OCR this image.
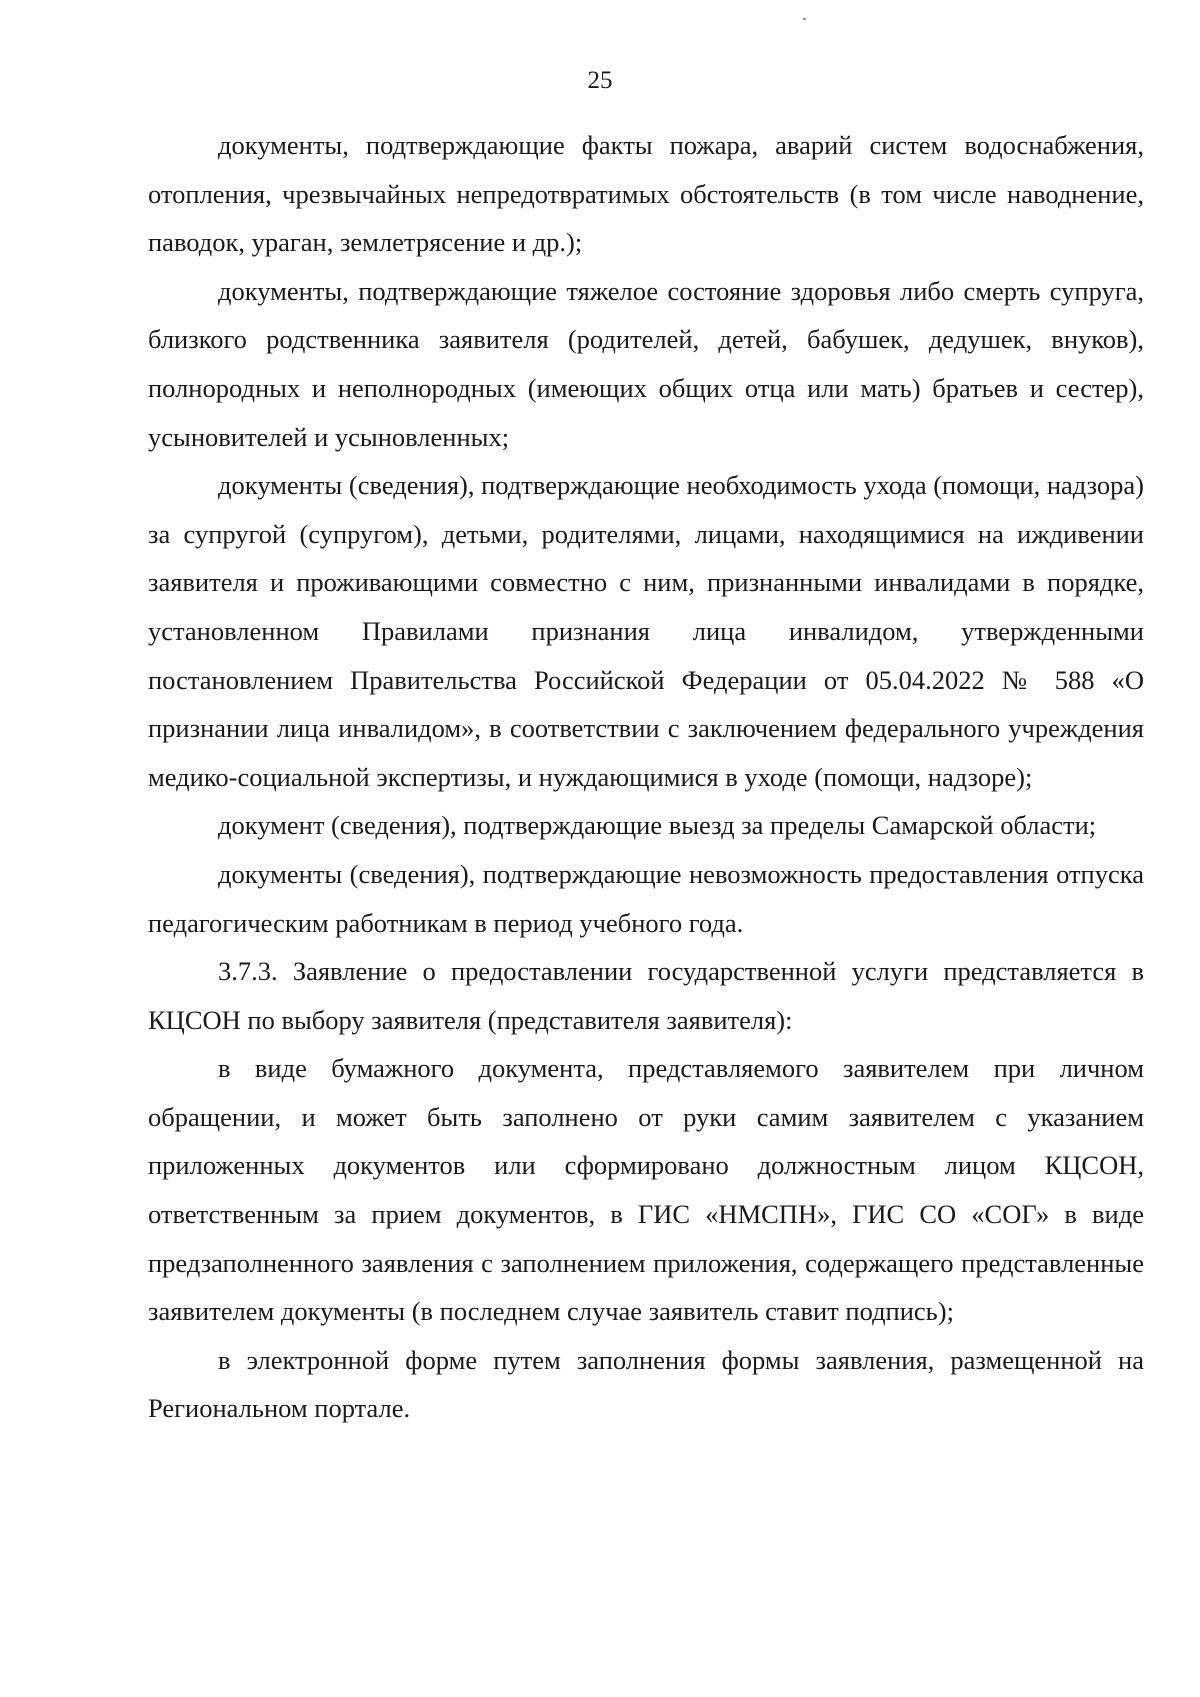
25

документы, подтверждающие факты пожара, аварий систем водоснабжения, отопления, чрезвычайных непредотвратимых обстоятельств (в том числе наводнение, паводок, ураган, землетрясение и др.);

документы, подтверждающие тяжелое состояние здоровья либо смерть супруга, близкого родственника заявителя (родителей, детей, бабушек, дедушек, внуков), полнородных и неполнородных (имеющих общих отца или мать) братьев и сестер), усыновителей и усыновленных;

документы (сведения), подтверждающие необходимость ухода (помощи, надзора) за супругой (супругом), детьми, родителями, лицами, находящимися на иждивении заявителя и проживающими совместно с ним, признанными инвалидами в порядке, установленном Правилами признания лица инвалидом, утвержденными постановлением Правительства Российской Федерации от 05.04.2022 № 588 «О признании лица инвалидом», в соответствии с заключением федерального учреждения медико-социальной экспертизы, и нуждающимися в уходе (помощи, надзоре);

документ (сведения), подтверждающие выезд за пределы Самарской области;

документы (сведения), подтверждающие невозможность предоставления отпуска педагогическим работникам в период учебного года.

3.7.3. Заявление о предоставлении государственной услуги представляется в КЦСОН по выбору заявителя (представителя заявителя):

в виде бумажного документа, представляемого заявителем при личном обращении, и может быть заполнено от руки самим заявителем с указанием приложенных документов или сформировано должностным лицом КЦСОН, ответственным за прием документов, в ГИС «НМСПН», ГИС СО «СОГ» в виде предзаполненного заявления с заполнением приложения, содержащего представленные заявителем документы (в последнем случае заявитель ставит подпись);

в электронной форме путем заполнения формы заявления, размещенной на Региональном портале.
